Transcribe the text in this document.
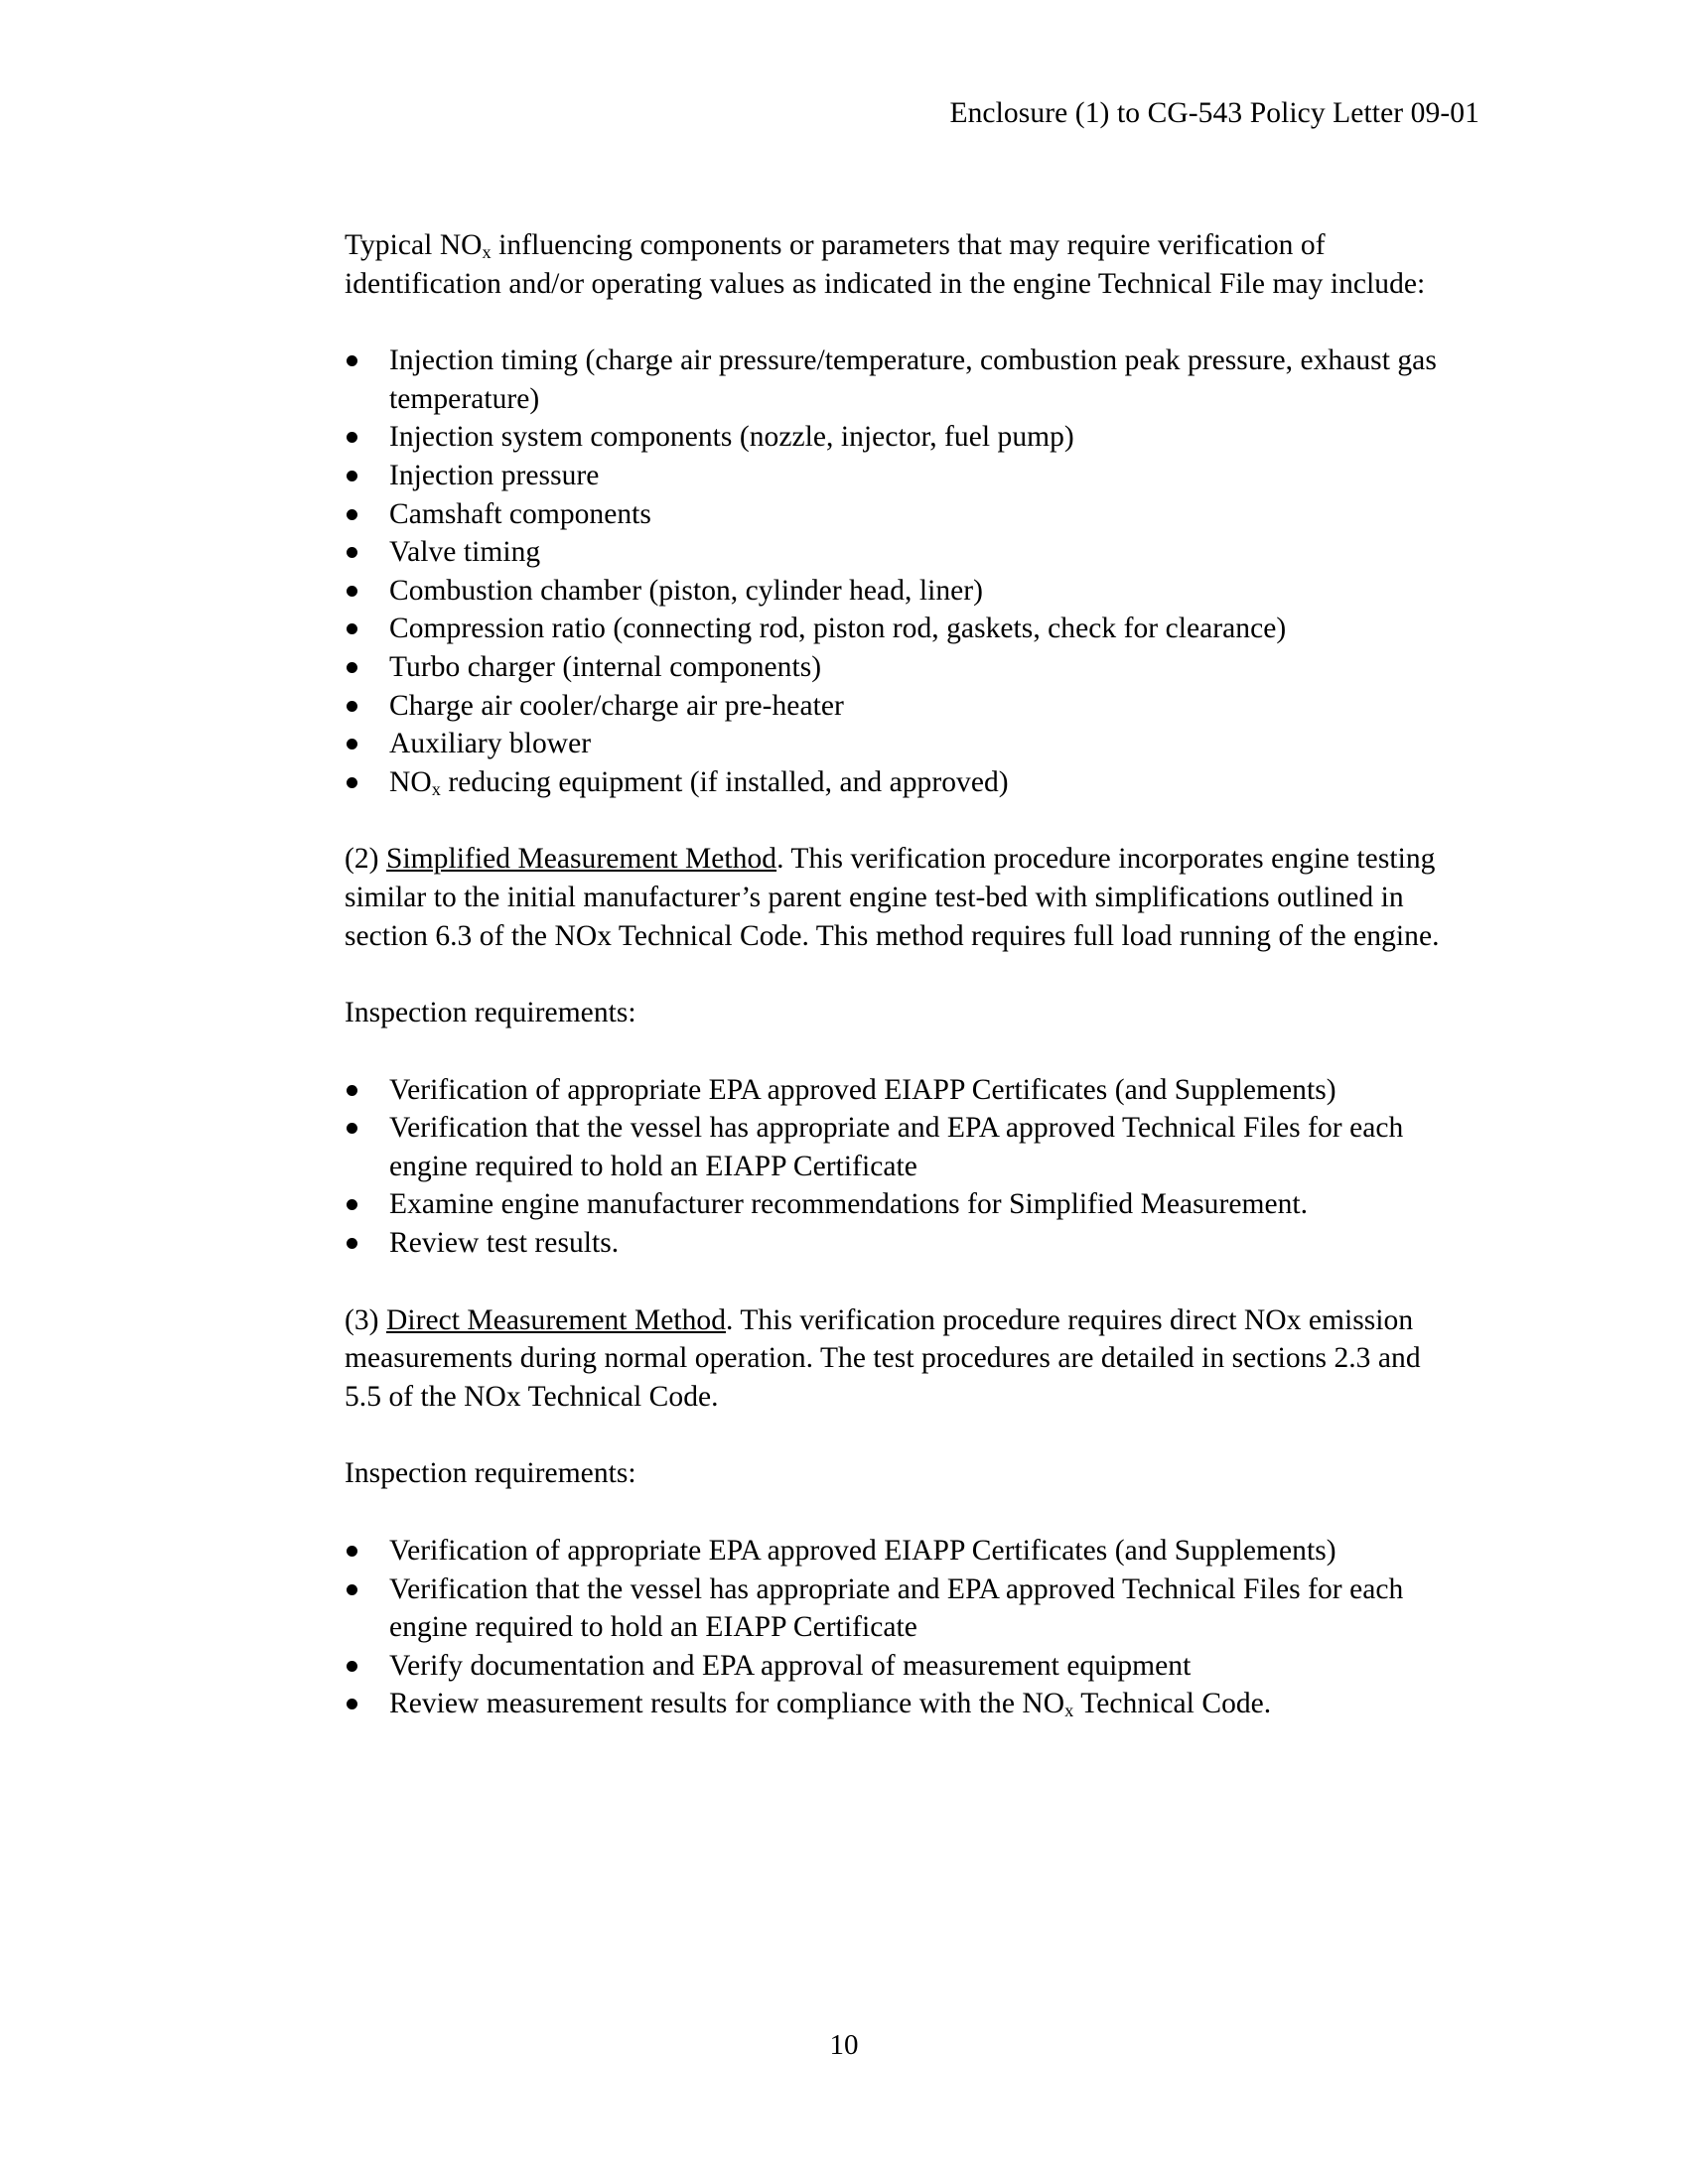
Enclosure (1) to CG-543 Policy Letter 09-01

Typical $NO_x$ influencing components or parameters that may require verification of identification and/or operating values as indicated in the engine Technical File may include:

Injection timing (charge air pressure/temperature, combustion peak pressure, exhaust gas temperature)
Injection system components (nozzle, injector, fuel pump)
Injection pressure
Camshaft components
Valve timing
Combustion chamber (piston, cylinder head, liner)
Compression ratio (connecting rod, piston rod, gaskets, check for clearance)
Turbo charger (internal components)
Charge air cooler/charge air pre-heater
Auxiliary blower
$NO_x$ reducing equipment (if installed, and approved)

(2) Simplified Measurement Method. This verification procedure incorporates engine testing similar to the initial manufacturer’s parent engine test-bed with simplifications outlined in section 6.3 of the NOx Technical Code. This method requires full load running of the engine.

Inspection requirements:

Verification of appropriate EPA approved EIAPP Certificates (and Supplements)
Verification that the vessel has appropriate and EPA approved Technical Files for each engine required to hold an EIAPP Certificate
Examine engine manufacturer recommendations for Simplified Measurement.
Review test results.

(3) Direct Measurement Method. This verification procedure requires direct NOx emission measurements during normal operation. The test procedures are detailed in sections 2.3 and 5.5 of the NOx Technical Code.

Inspection requirements:

Verification of appropriate EPA approved EIAPP Certificates (and Supplements)
Verification that the vessel has appropriate and EPA approved Technical Files for each engine required to hold an EIAPP Certificate
Verify documentation and EPA approval of measurement equipment
Review measurement results for compliance with the $NO_x$ Technical Code.
10
